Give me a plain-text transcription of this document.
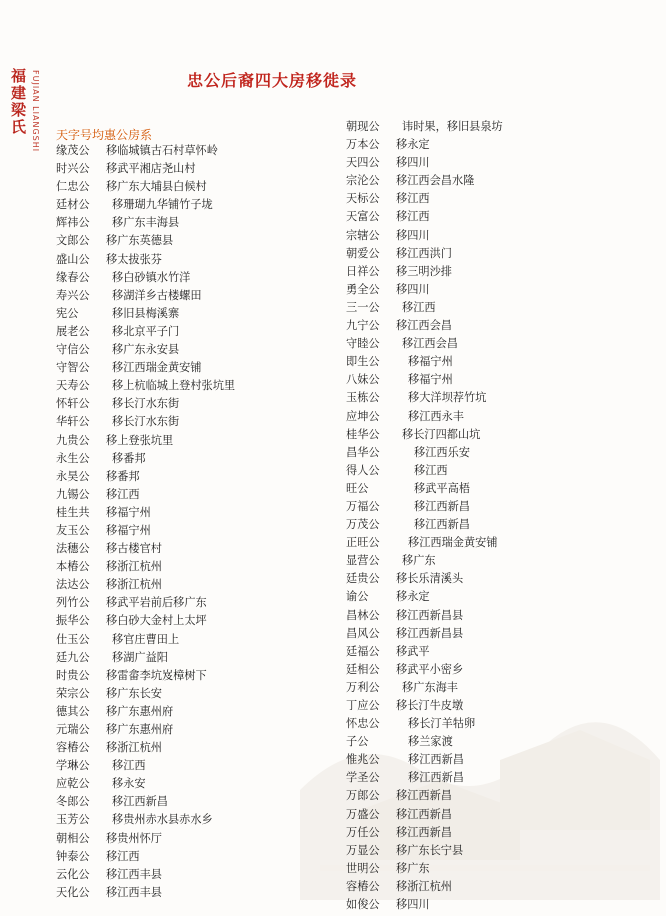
福建梁氏 FUJIAN LIANGSHI	忠公后裔四大房移徙录
天字号均惠公房系
缘茂公 移临城镇古石村草怀岭
时兴公 移武平湘店尧山村
仁忠公 移广东大埔县白候村
廷材公 移珊瑚九华铺竹子垅
辉祎公 移广东丰海县
文郎公 移广东英德县
盛山公 移太拔张芬
缘春公 移白砂镇水竹洋
寿兴公 移湖洋乡古楼螺田
宪公	移旧县梅溪寨
展老公 移北京平子门
守信公 移广东永安县
守智公 移江西瑞金黄安铺
天寿公 移上杭临城上登村张坑里
怀轩公 移长汀水东街
华轩公 移长汀水东街
九贵公 移上登张坑里
永生公 移番邦
永昊公 移番邦
九锡公 移江西
桂生共 移福宁州
友玉公 移福宁州
法穗公 移古楼官村
本椿公 移浙江杭州
法达公 移浙江杭州
列竹公 移武平岩前后移广东
振华公 移白砂大金村上太坪
仕玉公 移官庄曹田上
廷九公 移湖广益阳
时贵公 移雷畲李坑岌樟树下
荣宗公 移广东长安
德其公 移广东惠州府
元瑞公 移广东惠州府
容椿公 移浙江杭州
学琳公 移江西
应乾公 移永安
冬郎公 移江西新昌
玉芳公 移贵州赤水县赤水乡
朝相公 移贵州怀厅
钟泰公 移江西
云化公 移江西丰县
天化公 移江西丰县
朝现公 讳时果，移旧县泉坊
万本公 移永定
天四公 移四川
宗沦公 移江西会昌水隆
天标公 移江西
天富公 移江西
宗辖公 移四川
朝爱公 移江西洪门
日祥公 移三明沙排
勇全公 移四川
三一公 移江西
九宁公 移江西会昌
守睦公 移江西会昌
即生公	移福宁州
八妹公	移福宁州
玉栋公	移大洋坝荐竹坑
应坤公	移江西永丰
桂华公 移长汀四都山坑
昌华公	移江西乐安
得人公	移江西
旺公	移武平高梧
万福公	移江西新昌
万茂公	移江西新昌
正旺公	移江西瑞金黄安铺
显营公 移广东
廷贵公 移长乐清溪头
谕公 移永定
昌林公 移江西新昌县
昌风公 移江西新昌县
廷福公 移武平
廷相公 移武平小密乡
万利公 移广东海丰
丁应公 移长汀牛皮墩
怀忠公	移长汀羊牯卵
子公	移兰家渡
惟兆公	移江西新昌
学圣公	移江西新昌
万郎公 移江西新昌
万盛公 移江西新昌
万任公 移江西新昌
万显公 移广东长宁县
世明公 移广东
容椿公 移浙江杭州
如俊公 移四川
